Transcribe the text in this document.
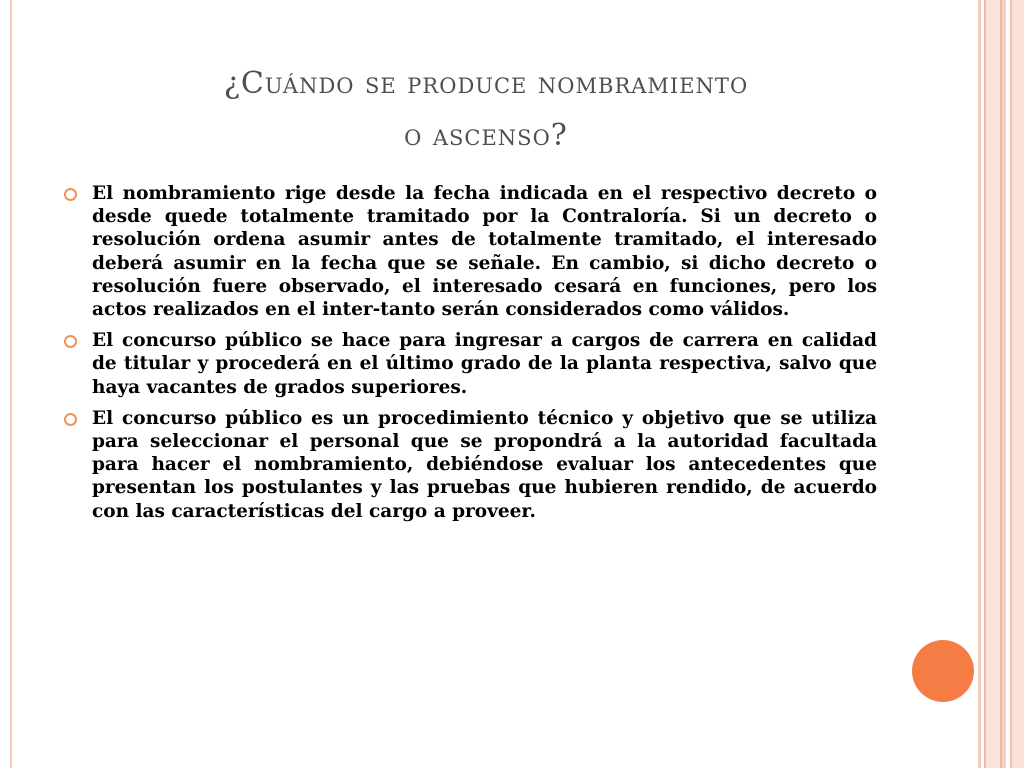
¿Cuándo se produce nombramiento
o ascenso?
El nombramiento rige desde la fecha indicada en el respectivo decreto o desde quede totalmente tramitado por la Contraloría. Si un decreto o resolución ordena asumir antes de totalmente tramitado, el interesado deberá asumir en la fecha que se señale. En cambio, si dicho decreto o resolución fuere observado, el interesado cesará en funciones, pero los actos realizados en el inter-tanto serán considerados como válidos.
El concurso público se hace para ingresar a cargos de carrera en calidad de titular y procederá en el último grado de la planta respectiva, salvo que haya vacantes de grados superiores.
El concurso público es un procedimiento técnico y objetivo que se utiliza para seleccionar el personal que se propondrá a la autoridad facultada para hacer el nombramiento, debiéndose evaluar los antecedentes que presentan los postulantes y las pruebas que hubieren rendido, de acuerdo con las características del cargo a proveer.
